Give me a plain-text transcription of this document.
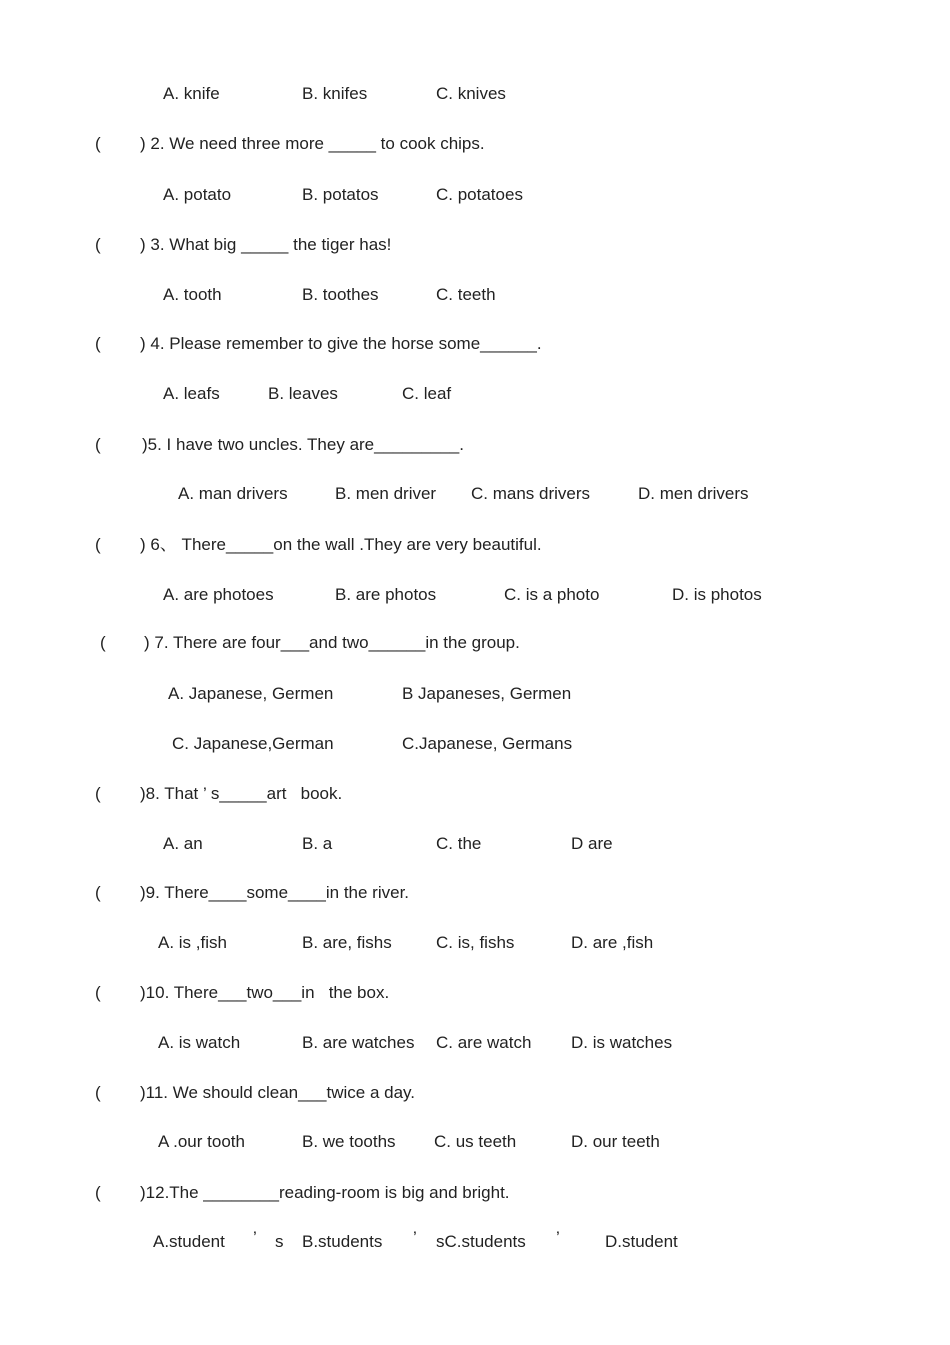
A. knife	B. knifes	C. knives
( ) 2. We need three more _____ to cook chips.
A. potato	B. potatos	C. potatoes
( ) 3. What big _____ the tiger has!
A. tooth	B. toothes	C. teeth
( ) 4. Please remember to give the horse some______.
A. leafs	B. leaves	C. leaf
( )5. I have two uncles. They are_________.
A. man drivers	B. men driver C. mans drivers	D. men drivers
( ) 6、 There_____on the wall .They are very beautiful.
A. are photoes	B. are photos	C. is a photo	D. is photos
( ) 7. There are four___and two______in the group.
A. Japanese, Germen	B Japaneses, Germen
C. Japanese,German	C.Japanese, Germans
( )8. That ’ s_____art   book.
A. an	B. a	C. the	D are
( )9. There____some____in the river.
A. is ,fish	B. are, fishs	C. is, fishs	D. are ,fish
( )10. There___two___in   the box.
A. is watch	B. are watches C. are watch D. is watches
( )11. We should clean___twice a day.
A .our tooth	B. we tooths C. us teeth	D. our teeth
( )12.The ________reading-room is big and bright.
A.student ’ s B.students ’ sC.students ’	D.student
